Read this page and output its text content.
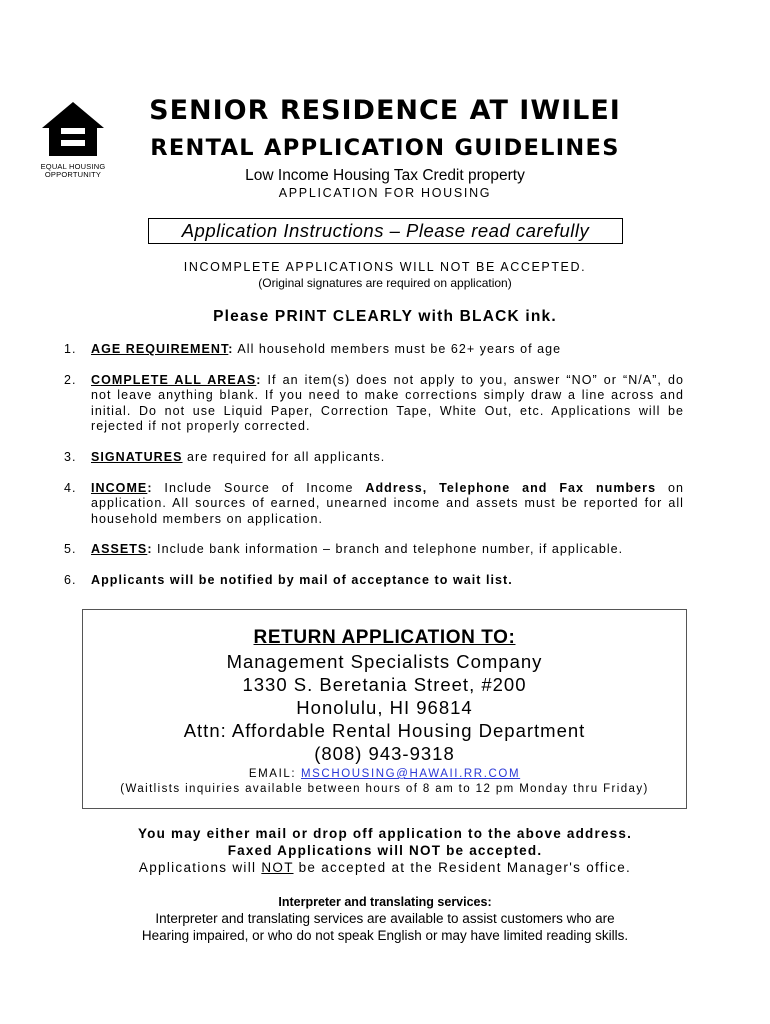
EQUAL HOUSING
OPPORTUNITY
SENIOR RESIDENCE AT IWILEI
RENTAL APPLICATION GUIDELINES
Low Income Housing Tax Credit property
APPLICATION FOR HOUSING
Application Instructions – Please read carefully
INCOMPLETE APPLICATIONS WILL NOT BE ACCEPTED.
(Original signatures are required on application)
Please PRINT CLEARLY with BLACK ink.
1. AGE REQUIREMENT: All household members must be 62+ years of age
2. COMPLETE ALL AREAS: If an item(s) does not apply to you, answer “NO” or “N/A”, do not leave anything blank. If you need to make corrections simply draw a line across and initial. Do not use Liquid Paper, Correction Tape, White Out, etc. Applications will be rejected if not properly corrected.
3. SIGNATURES are required for all applicants.
4. INCOME: Include Source of Income Address, Telephone and Fax numbers on application. All sources of earned, unearned income and assets must be reported for all household members on application.
5. ASSETS: Include bank information – branch and telephone number, if applicable.
6. Applicants will be notified by mail of acceptance to wait list.
RETURN APPLICATION TO:
Management Specialists Company
1330 S. Beretania Street, #200
Honolulu, HI 96814
Attn: Affordable Rental Housing Department
(808) 943-9318
EMAIL: MSCHOUSING@HAWAII.RR.COM
(Waitlists inquiries available between hours of 8 am to 12 pm Monday thru Friday)
You may either mail or drop off application to the above address.
Faxed Applications will NOT be accepted.
Applications will NOT be accepted at the Resident Manager's office.
Interpreter and translating services:
Interpreter and translating services are available to assist customers who are
Hearing impaired, or who do not speak English or may have limited reading skills.
